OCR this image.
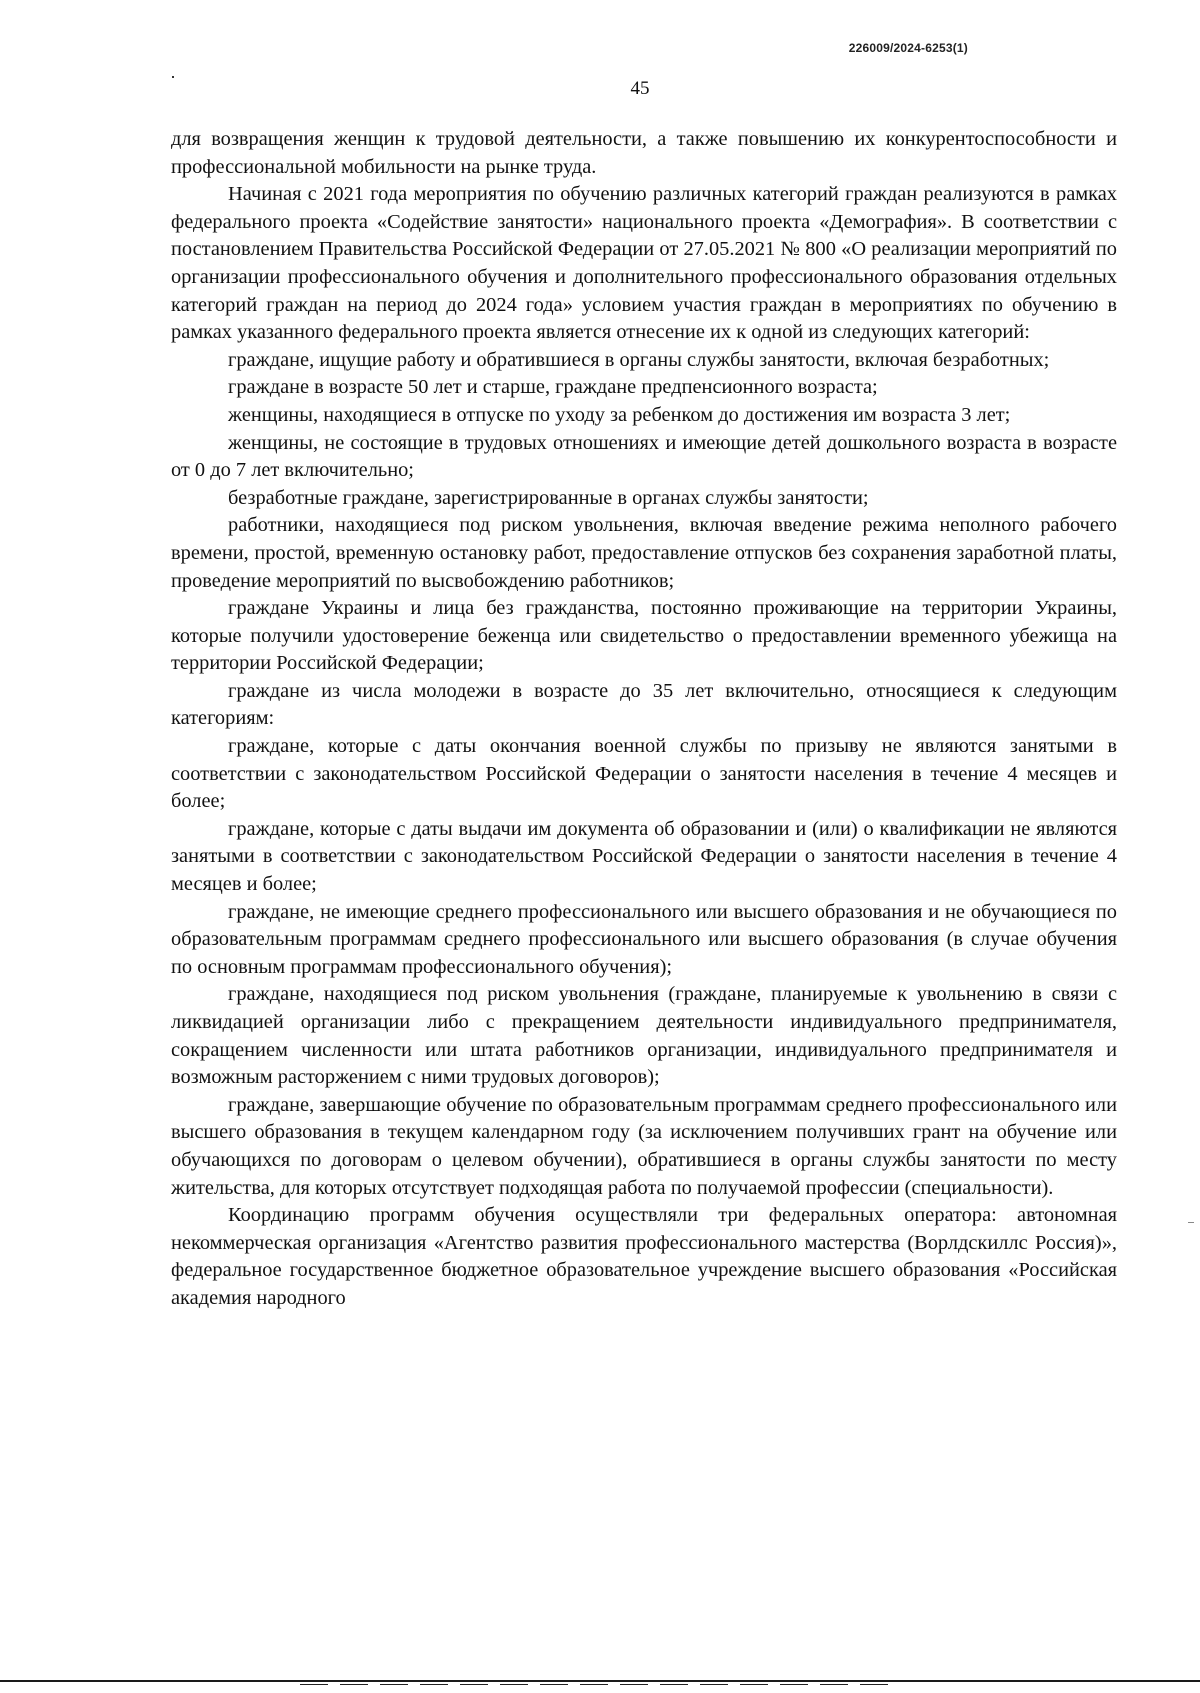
226009/2024-6253(1)
45

для возвращения женщин к трудовой деятельности, а также повышению их конкурентоспособности и профессиональной мобильности на рынке труда.

Начиная с 2021 года мероприятия по обучению различных категорий граждан реализуются в рамках федерального проекта «Содействие занятости» национального проекта «Демография». В соответствии с постановлением Правительства Российской Федерации от 27.05.2021 № 800 «О реализации мероприятий по организации профессионального обучения и дополнительного профессионального образования отдельных категорий граждан на период до 2024 года» условием участия граждан в мероприятиях по обучению в рамках указанного федерального проекта является отнесение их к одной из следующих категорий:

граждане, ищущие работу и обратившиеся в органы службы занятости, включая безработных;

граждане в возрасте 50 лет и старше, граждане предпенсионного возраста;

женщины, находящиеся в отпуске по уходу за ребенком до достижения им возраста 3 лет;

женщины, не состоящие в трудовых отношениях и имеющие детей дошкольного возраста в возрасте от 0 до 7 лет включительно;

безработные граждане, зарегистрированные в органах службы занятости;

работники, находящиеся под риском увольнения, включая введение режима неполного рабочего времени, простой, временную остановку работ, предоставление отпусков без сохранения заработной платы, проведение мероприятий по высвобождению работников;

граждане Украины и лица без гражданства, постоянно проживающие на территории Украины, которые получили удостоверение беженца или свидетельство о предоставлении временного убежища на территории Российской Федерации;

граждане из числа молодежи в возрасте до 35 лет включительно, относящиеся к следующим категориям:

граждане, которые с даты окончания военной службы по призыву не являются занятыми в соответствии с законодательством Российской Федерации о занятости населения в течение 4 месяцев и более;

граждане, которые с даты выдачи им документа об образовании и (или) о квалификации не являются занятыми в соответствии с законодательством Российской Федерации о занятости населения в течение 4 месяцев и более;

граждане, не имеющие среднего профессионального или высшего образования и не обучающиеся по образовательным программам среднего профессионального или высшего образования (в случае обучения по основным программам профессионального обучения);

граждане, находящиеся под риском увольнения (граждане, планируемые к увольнению в связи с ликвидацией организации либо с прекращением деятельности индивидуального предпринимателя, сокращением численности или штата работников организации, индивидуального предпринимателя и возможным расторжением с ними трудовых договоров);

граждане, завершающие обучение по образовательным программам среднего профессионального или высшего образования в текущем календарном году (за исключением получивших грант на обучение или обучающихся по договорам о целевом обучении), обратившиеся в органы службы занятости по месту жительства, для которых отсутствует подходящая работа по получаемой профессии (специальности).

Координацию программ обучения осуществляли три федеральных оператора: автономная некоммерческая организация «Агентство развития профессионального мастерства (Ворлдскиллс Россия)», федеральное государственное бюджетное образовательное учреждение высшего образования «Российская академия народного
